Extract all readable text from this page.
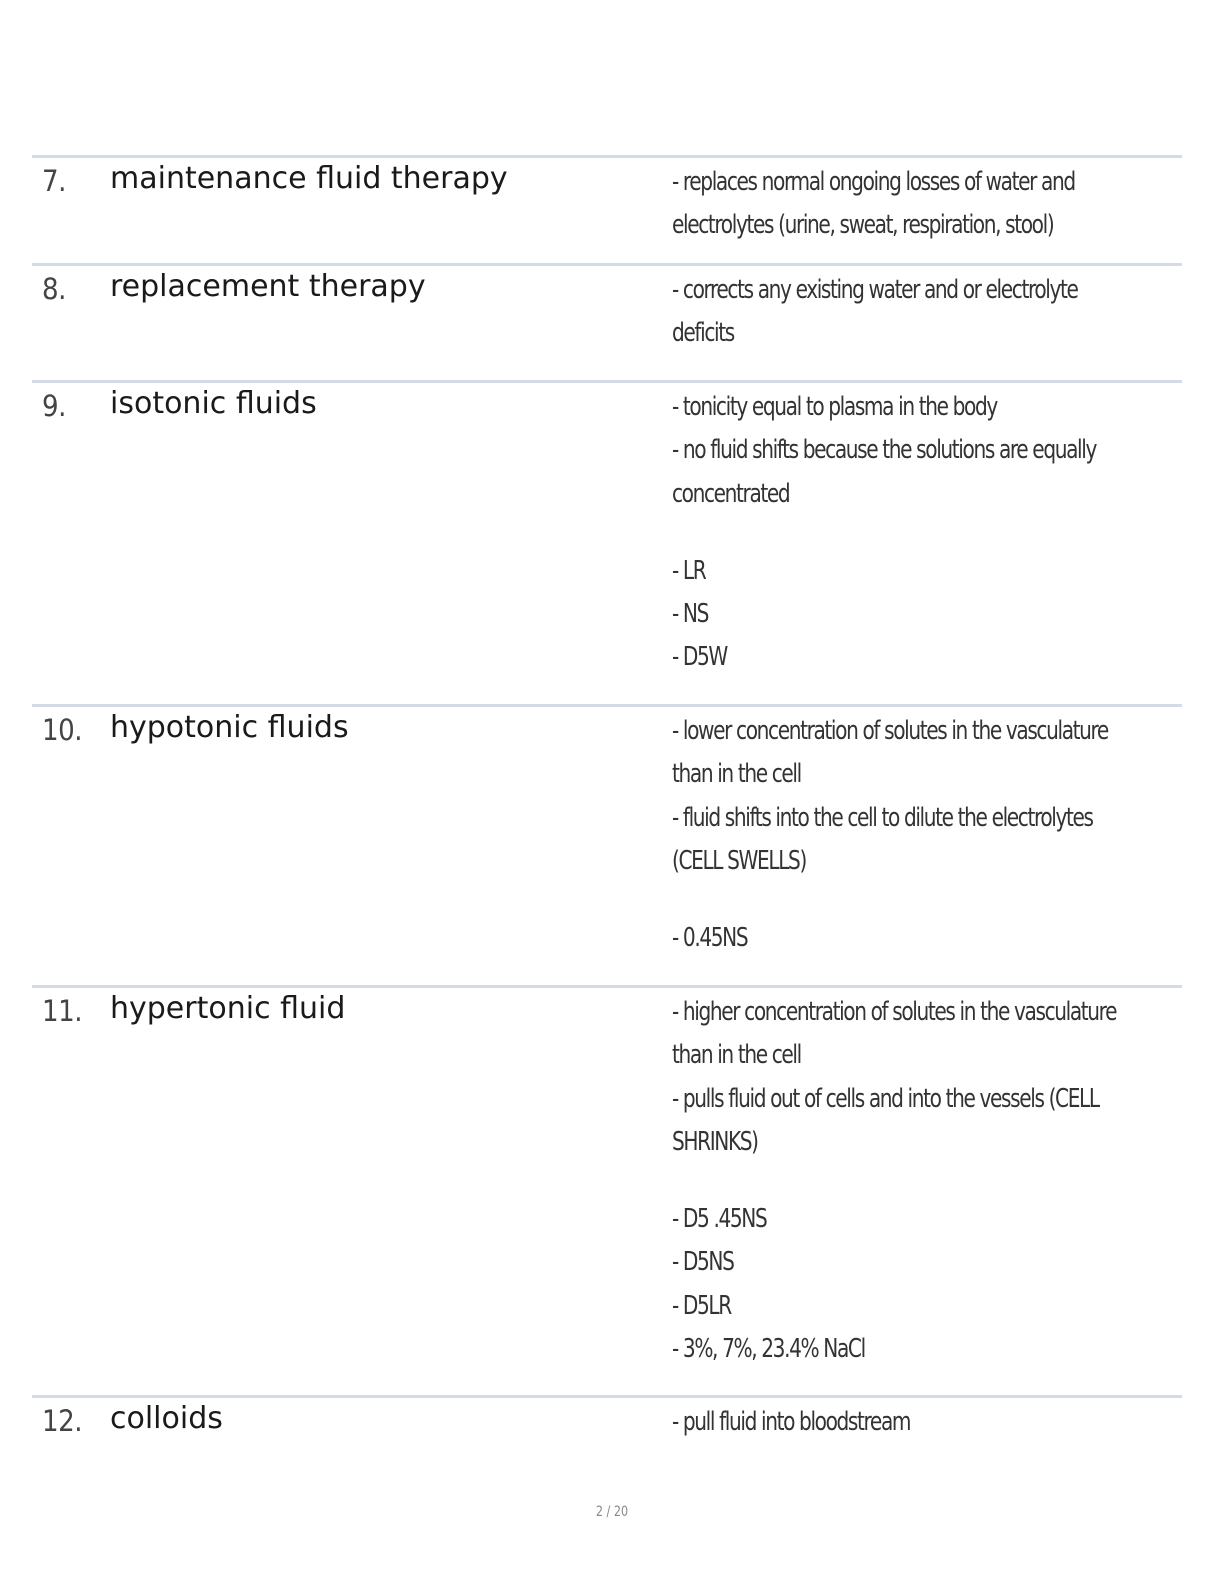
7. maintenance fluid therapy	- replaces normal ongoing losses of water and
electrolytes (urine, sweat, respiration, stool)
8. replacement therapy	- corrects any existing water and or electrolyte
deficits
9. isotonic fluids	- tonicity equal to plasma in the body
- no fluid shifts because the solutions are equally
concentrated
- LR
- NS
- D5W
10. hypotonic fluids	- lower concentration of solutes in the vasculature
than in the cell
- fluid shifts into the cell to dilute the electrolytes
(CELL SWELLS)
- 0.45NS
11. hypertonic fluid	- higher concentration of solutes in the vasculature
than in the cell
- pulls fluid out of cells and into the vessels (CELL
SHRINKS)
- D5 .45NS
- D5NS
- D5LR
- 3%, 7%, 23.4% NaCl
12. colloids	- pull fluid into bloodstream
2 / 20
